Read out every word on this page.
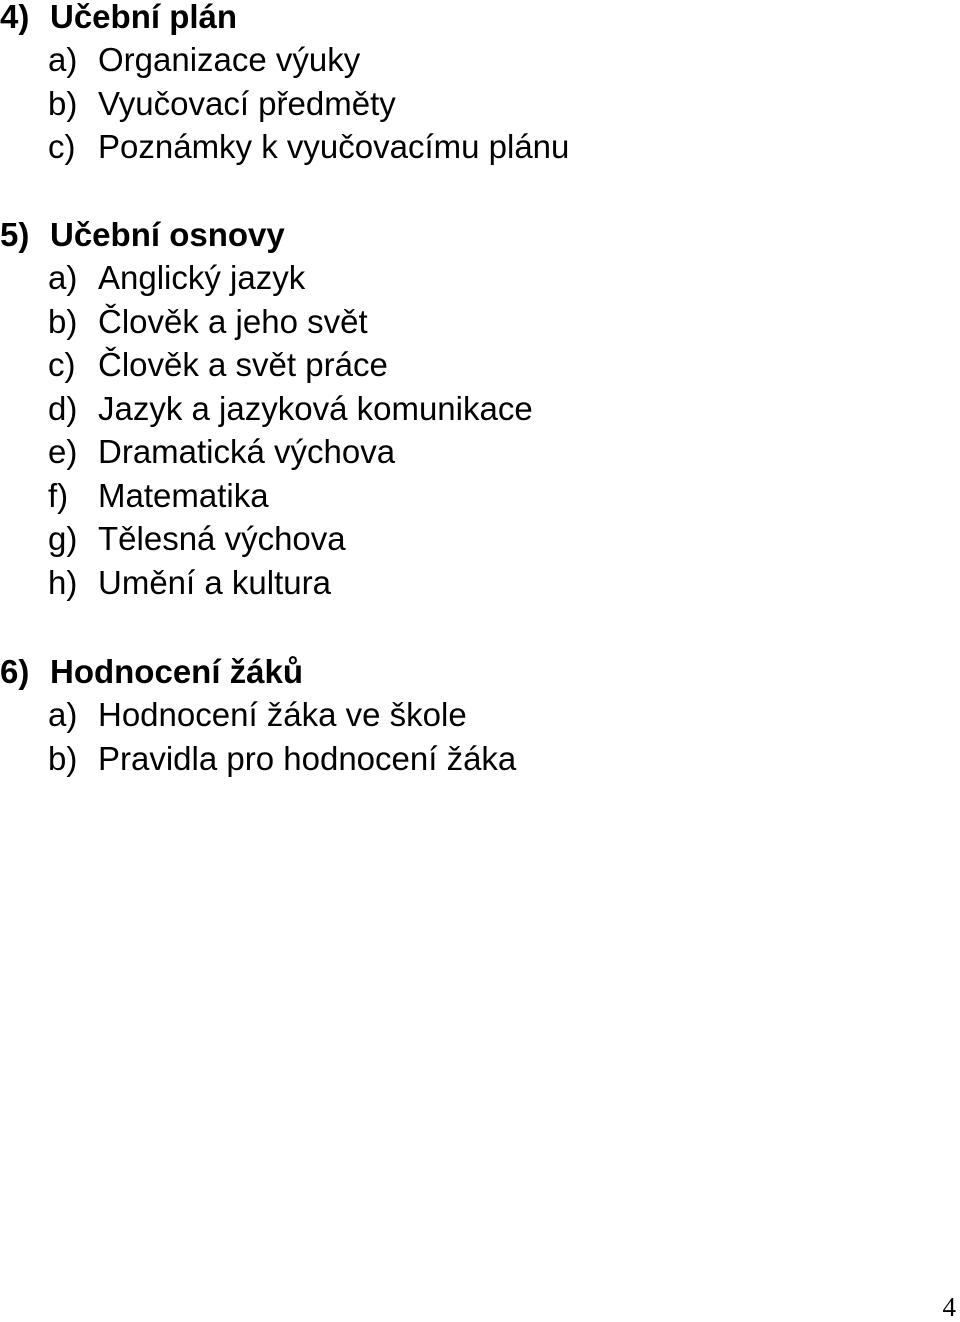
4) Učební plán
a) Organizace výuky
b) Vyučovací předměty
c) Poznámky k vyučovacímu plánu
5) Učební osnovy
a) Anglický jazyk
b) Člověk a jeho svět
c) Člověk a svět práce
d) Jazyk a jazyková komunikace
e) Dramatická výchova
f) Matematika
g) Tělesná výchova
h) Umění a kultura
6) Hodnocení žáků
a) Hodnocení žáka ve škole
b) Pravidla pro hodnocení žáka
4
